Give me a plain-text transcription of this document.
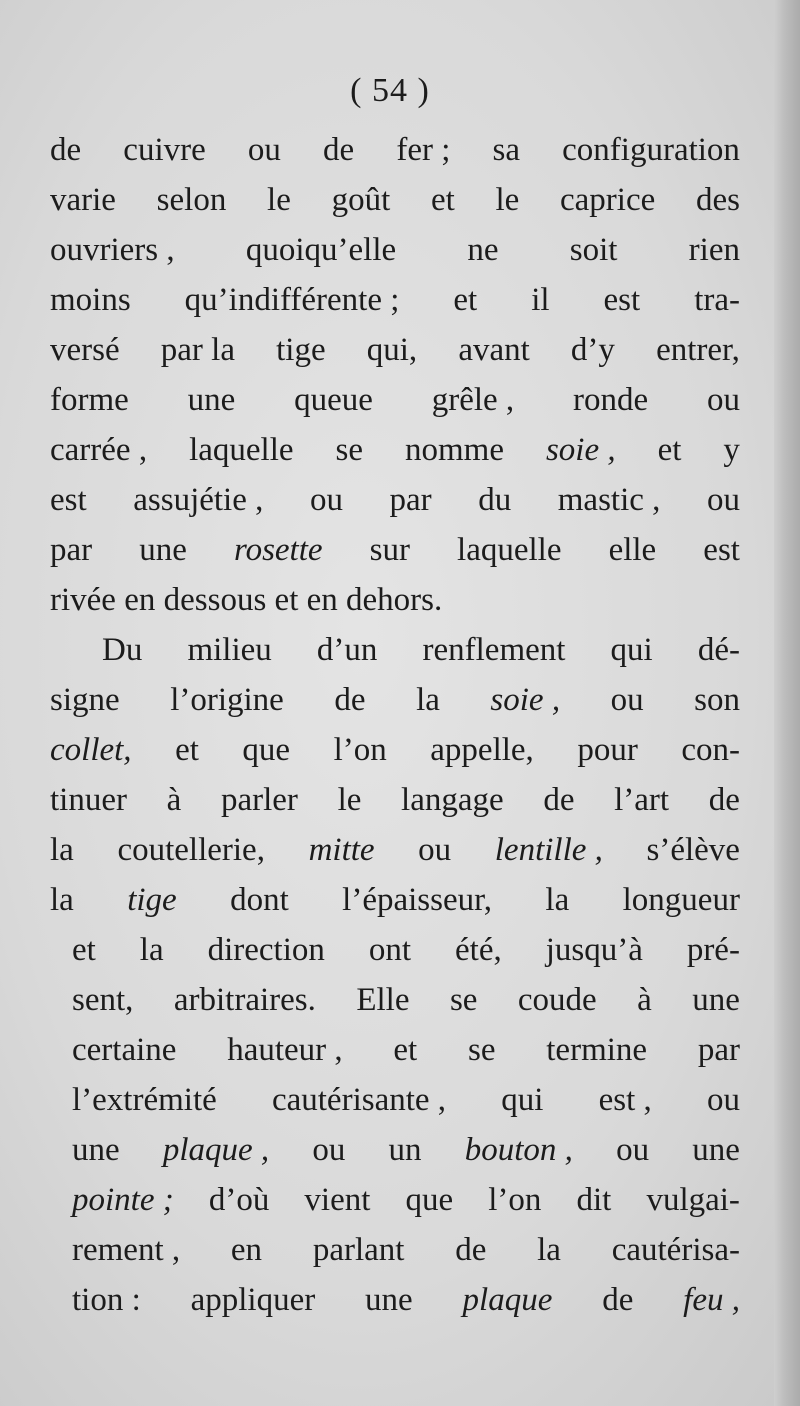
( 54 )
de cuivre ou de fer ; sa configuration
varie selon le goût et le caprice des
ouvriers , quoiqu’elle ne soit rien
moins qu’indifférente ; et il est tra-
versé par la tige qui, avant d’y entrer,
forme une queue grêle , ronde ou
carrée , laquelle se nomme soie , et y
est assujétie , ou par du mastic , ou
par une rosette sur laquelle elle est
rivée
en
dessous
et
en
dehors.
Du milieu d’un renflement qui dé-
signe l’origine de la soie , ou son
collet, et que l’on appelle, pour con-
tinuer à parler le langage de l’art de
la coutellerie, mitte ou lentille , s’élève
la tige dont l’épaisseur, la longueur
et la direction ont été, jusqu’à pré-
sent, arbitraires. Elle se coude à une
certaine hauteur , et se termine par
l’extrémité cautérisante , qui est , ou
une plaque , ou un bouton , ou une
pointe ; d’où vient que l’on dit vulgai-
rement , en parlant de la cautérisa-
tion : appliquer une plaque de feu ,
